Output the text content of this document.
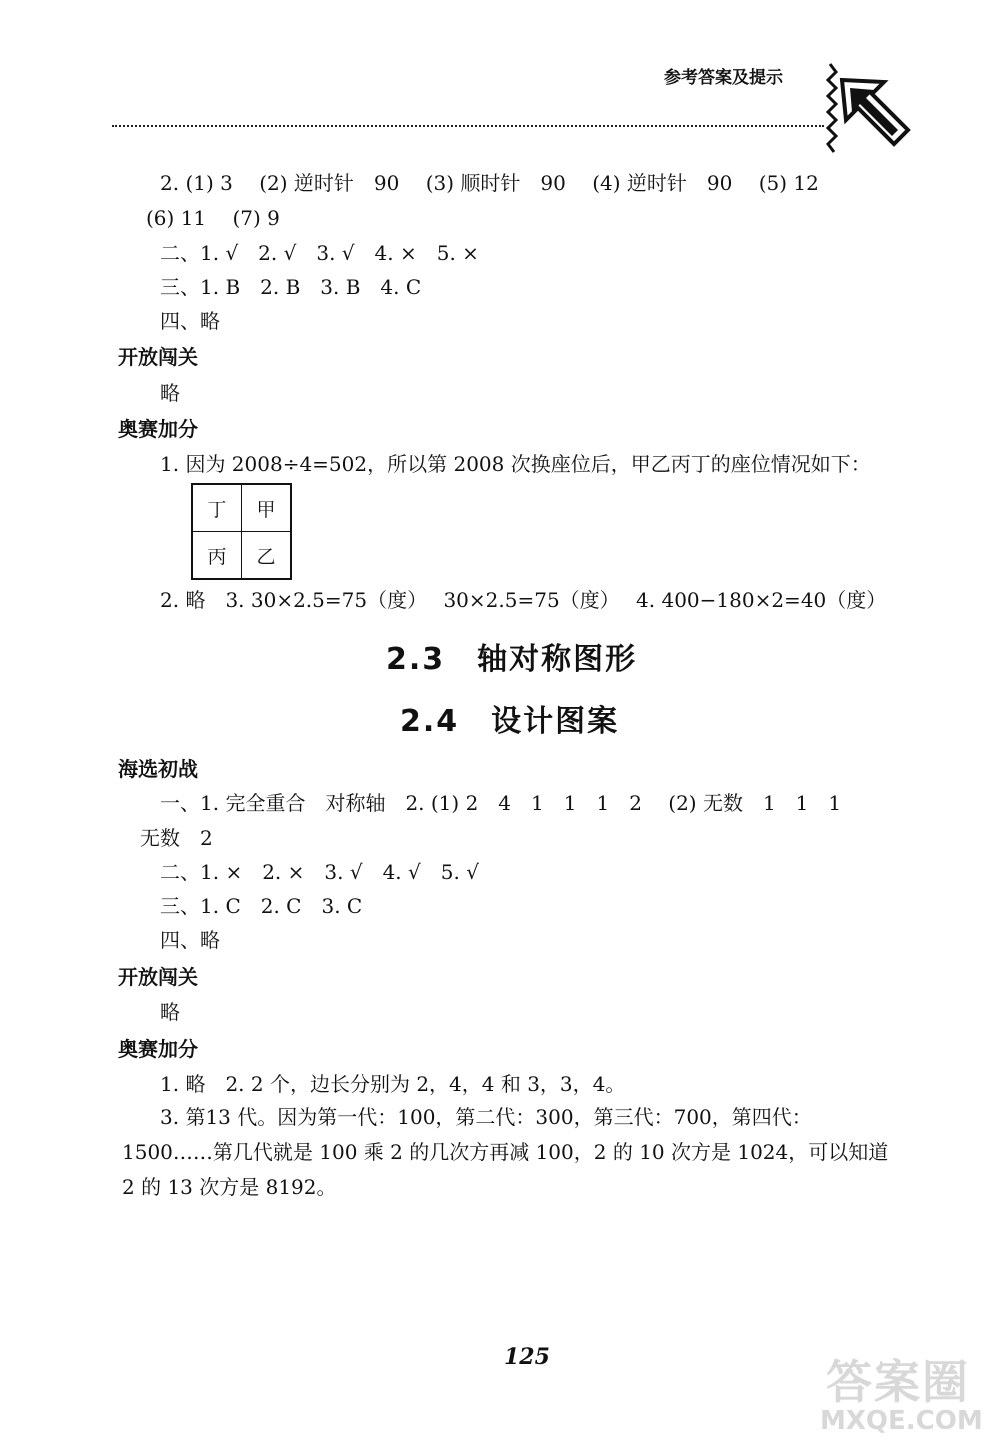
参考答案及提示
2. (1) 3　 (2) 逆时针　90　 (3) 顺时针　90　 (4) 逆时针　90　 (5) 12
(6) 11　 (7) 9
二、1. √　2. √　3. √　4. ×　5. ×
三、1. B　2. B　3. B　4. C
四、略
开放闯关
略
奥赛加分
1. 因为 2008÷4=502，所以第 2008 次换座位后，甲乙丙丁的座位情况如下：
丁	甲
丙	乙
2. 略　3. 30×2.5=75（度）　 30×2.5=75（度）　 4. 400−180×2=40（度）
2.3　轴对称图形
2.4　设计图案
海选初战
一、1. 完全重合　对称轴　2. (1) 2　4　1　1　1　2　 (2) 无数　1　1　1
无数　2
二、1. ×　2. ×　3. √　4. √　5. √
三、1. C　2. C　3. C
四、略
开放闯关
略
奥赛加分
1. 略　2. 2 个，边长分别为 2，4，4 和 3，3，4。
3. 第13 代。因为第一代：100，第二代：300，第三代：700，第四代：
1500……第几代就是 100 乘 2 的几次方再减 100，2 的 10 次方是 1024，可以知道
2 的 13 次方是 8192。
125	答案圈
MXQE.COM
